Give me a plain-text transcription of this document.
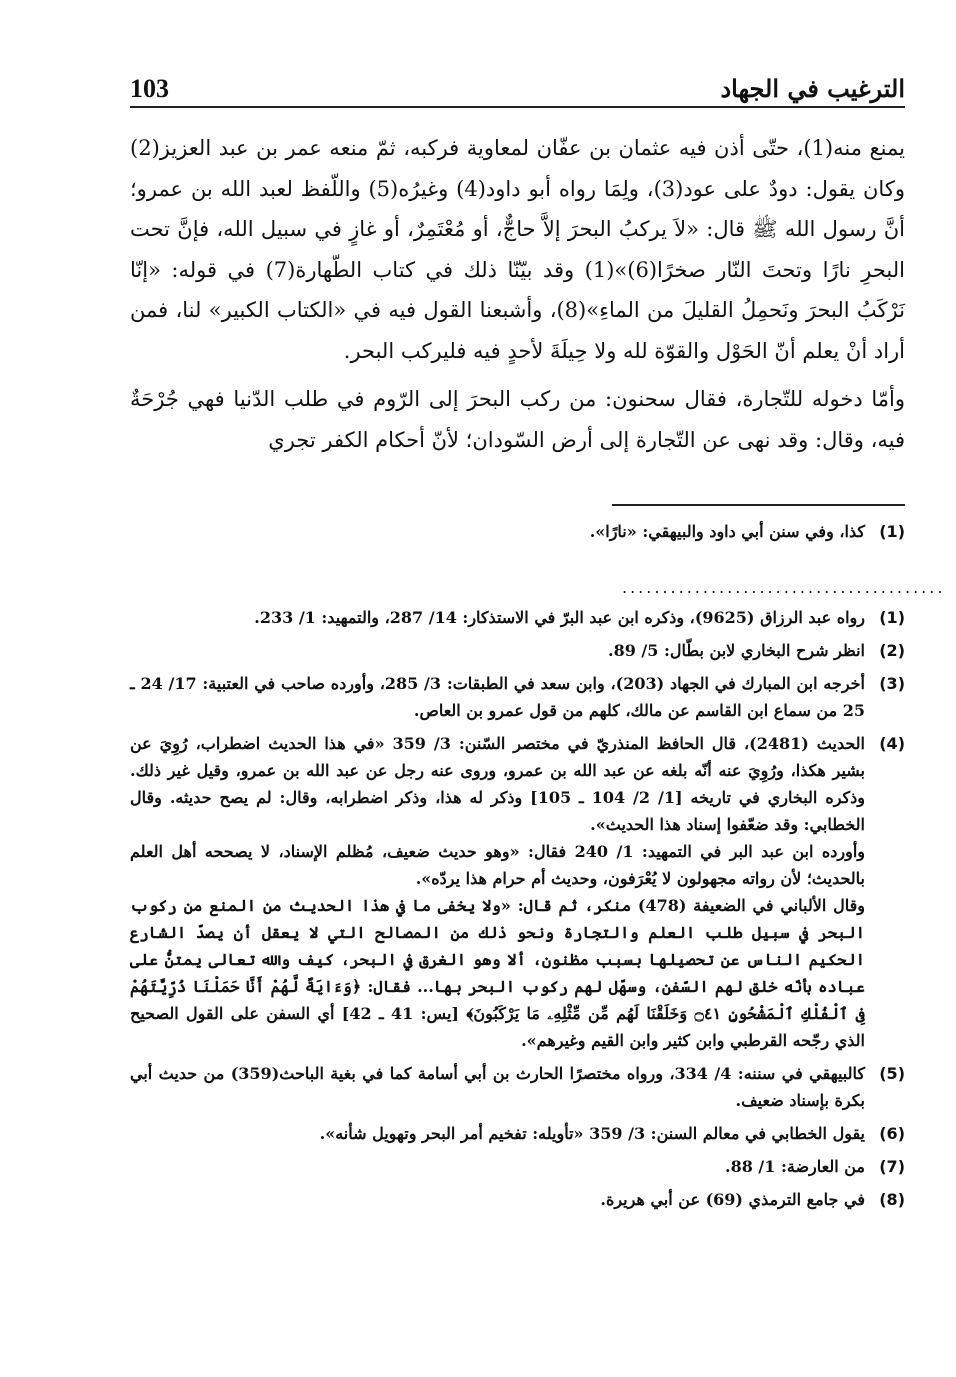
103	الترغيب في الجهاد

يمنع منه(1)، حتّى أذن فيه عثمان بن عفّان لمعاوية فركبه، ثمّ منعه عمر بن عبد العزيز(2) وكان يقول: دودٌ على عود(3)، ولِمَا رواه أبو داود(4) وغيرُه(5) واللّفظ لعبد الله بن عمرو؛ أنَّ رسول الله ﷺ قال: «لاَ يركبُ البحرَ إلاَّ حاجٌّ، أو مُعْتَمِرٌ، أو غازٍ في سبيل الله، فإنَّ تحت البحرِ نارًا وتحتَ النّار صخرًا(6)»(1) وقد بيّنّا ذلك في كتاب الطّهارة(7) في قوله: «إنّا نَرْكَبُ البحرَ ونَحمِلُ القليلَ من الماءِ»(8)، وأشبعنا القول فيه في «الكتاب الكبير» لنا، فمن أراد أنْ يعلم أنّ الحَوْل والقوّة لله ولا حِيلَةَ لأحدٍ فيه فليركب البحر.

وأمّا دخوله للتّجارة، فقال سحنون: من ركب البحرَ إلى الرّوم في طلب الدّنيا فهي جُرْحَةٌ فيه، وقال: وقد نهى عن التّجارة إلى أرض السّودان؛ لأنّ أحكام الكفر تجري

(1)

كذا، وفي سنن أبي داود والبيهقي: «نارًا».

........................................
(1)

رواه عبد الرزاق (9625)، وذكره ابن عبد البرّ في الاستذكار: 14/ 287، والتمهيد: 1/ 233.

(2)

انظر شرح البخاري لابن بطّال: 5/ 89.

(3)

أخرجه ابن المبارك في الجهاد (203)، وابن سعد في الطبقات: 3/ 285، وأورده صاحب في العتبية: 17/ 24 ـ 25 من سماع ابن القاسم عن مالك، كلهم من قول عمرو بن العاص.

(4)

الحديث (2481)، قال الحافظ المنذريّ في مختصر السّنن: 3/ 359 «في هذا الحديث اضطراب، رُوِيَ عن بشير هكذا، ورُوِيَ عنه أنّه بلغه عن عبد الله بن عمرو، وروى عنه رجل عن عبد الله بن عمرو، وقيل غير ذلك. وذكره البخاري في تاريخه [1/ 2/ 104 ـ 105] وذكر له هذا، وذكر اضطرابه، وقال: لم يصح حديثه. وقال الخطابي: وقد ضعّفوا إسناد هذا الحديث».

وأورده ابن عبد البر في التمهيد: 1/ 240 فقال: «وهو حديث ضعيف، مُظلم الإسناد، لا يصححه أهل العلم بالحديث؛ لأن رواته مجهولون لا يُعْرَفون، وحديث أم حرام هذا يردّه».

وقال الألباني في الضعيفة (478) منكر، ثم قال: «ولا يخفى ما في هذا الحديث من المنع من ركوب البحر في سبيل طلب العلم والتجارة ونحو ذلك من المصالح التي لا يعقل أن يصدّ الشارع الحكيم الناس عن تحصيلها بسبب مظنون، ألا وهو الغرق في البحر، كيف والله تعالى يمتنُّ على عباده بأنّه خلق لهم السّفن، وسهّل لهم ركوب البحر بها... فقال: ﴿وَءَايَةٌ لَّهُمْ أَنَّا حَمَلْنَا ذُرِّيَّتَهُمْ فِى ٱلْفُلْكِ ٱلْمَشْحُونِ ۝٤١ وَخَلَقْنَا لَهُم مِّن مِّثْلِهِۦ مَا يَرْكَبُونَ﴾ [يس: 41 ـ 42] أي السفن على القول الصحيح الذي رجّحه القرطبي وابن كثير وابن القيم وغيرهم».

(5)

كالبيهقي في سننه: 4/ 334، ورواه مختصرًا الحارث بن أبي أسامة كما في بغية الباحث(359) من حديث أبي بكرة بإسناد ضعيف.

(6)

يقول الخطابي في معالم السنن: 3/ 359 «تأويله: تفخيم أمر البحر وتهويل شأنه».

(7)

من العارضة: 1/ 88.

(8)

في جامع الترمذي (69) عن أبي هريرة.
